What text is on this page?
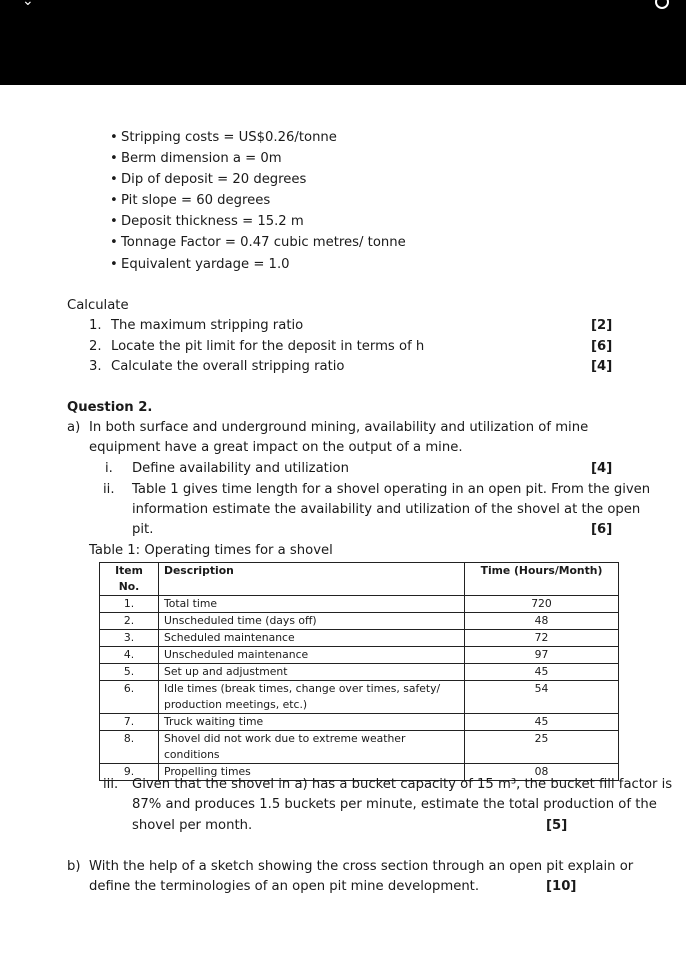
⌄
• Stripping costs = US$0.26/tonne
• Berm dimension a = 0m
• Dip of deposit = 20 degrees
• Pit slope = 60 degrees
• Deposit thickness = 15.2 m
• Tonnage Factor = 0.47 cubic metres/ tonne
• Equivalent yardage = 1.0
Calculate
1. The maximum stripping ratio	[2]
2. Locate the pit limit for the deposit in terms of h	[6]
3. Calculate the overall stripping ratio	[4]
Question 2.
a) In both surface and underground mining, availability and utilization of mine
equipment have a great impact on the output of a mine.
i. Define availability and utilization	[4]
ii. Table 1 gives time length for a shovel operating in an open pit. From the given
information estimate the availability and utilization of the shovel at the open
pit.	[6]
Table 1: Operating times for a shovel
Item No.	Description	Time (Hours/Month)
1.	Total time	720
2.	Unscheduled time (days off)	48
3.	Scheduled maintenance	72
4.	Unscheduled maintenance	97
5.	Set up and adjustment	45
6.	Idle times (break times, change over times, safety/
production meetings, etc.)	54
7.	Truck waiting time	45
8.	Shovel did not work due to extreme weather conditions	25
9.	Propelling times	08
iii. Given that the shovel in a) has a bucket capacity of 15 m³, the bucket fill factor is
87% and produces 1.5 buckets per minute, estimate the total production of the
shovel per month.	[5]
b) With the help of a sketch showing the cross section through an open pit explain or
define the terminologies of an open pit mine development.	[10]
